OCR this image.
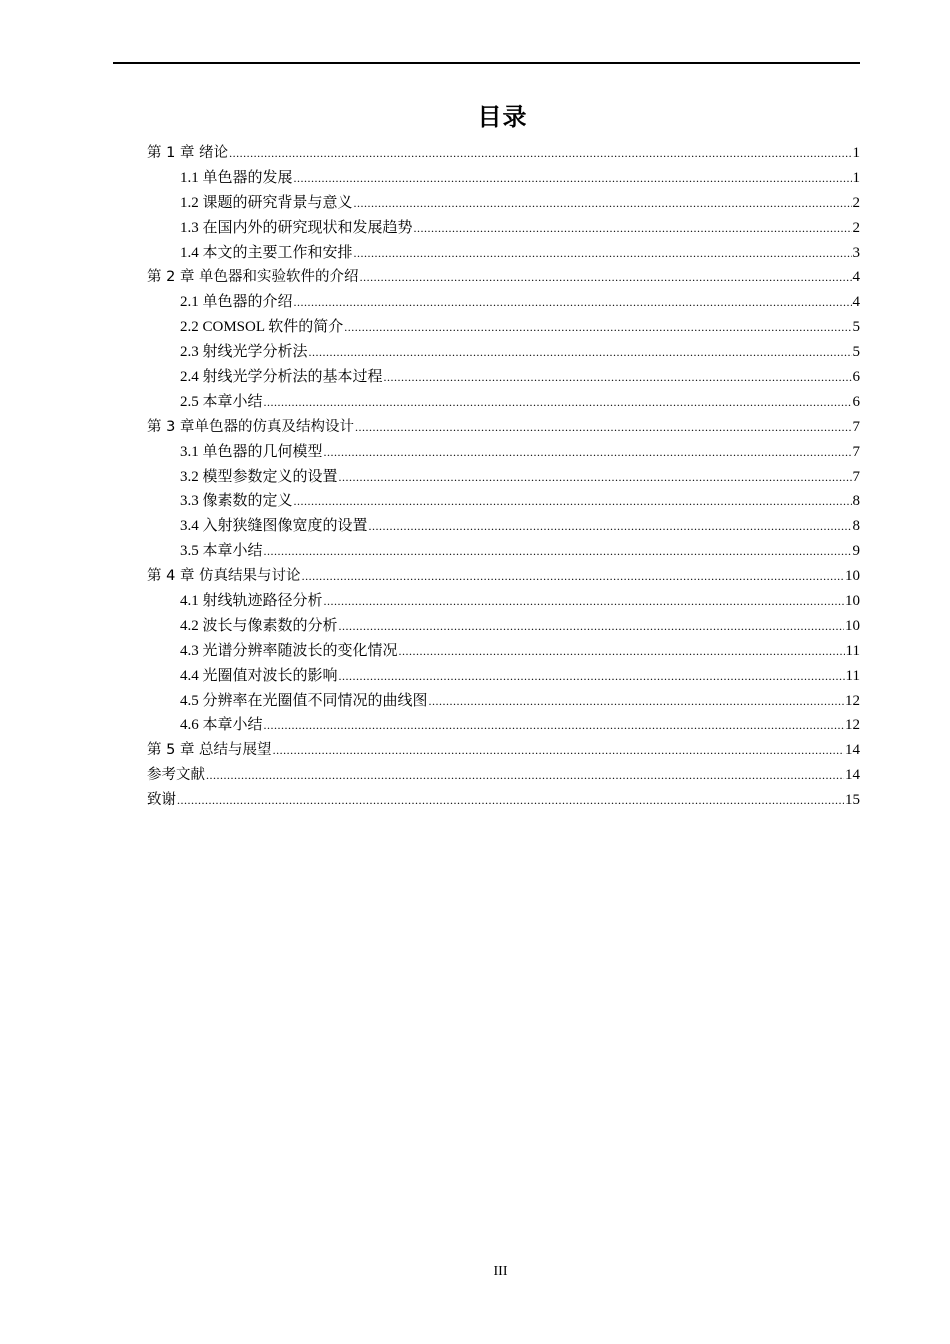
目录
第 1 章 绪论 .....	1
1.1 单色器的发展 .....	1
1.2 课题的研究背景与意义 .....	2
1.3 在国内外的研究现状和发展趋势 .....	2
1.4 本文的主要工作和安排 .....	3
第 2 章 单色器和实验软件的介绍 .....	4
2.1 单色器的介绍 .....	4
2.2 COMSOL 软件的简介 .....	5
2.3 射线光学分析法 .....	5
2.4 射线光学分析法的基本过程 .....	6
2.5 本章小结 .....	6
第 3 章单色器的仿真及结构设计 .....	7
3.1 单色器的几何模型 .....	7
3.2 模型参数定义的设置 .....	7
3.3 像素数的定义 .....	8
3.4 入射狭缝图像宽度的设置 .....	8
3.5 本章小结 .....	9
第 4 章 仿真结果与讨论 .....	10
4.1 射线轨迹路径分析 .....	10
4.2 波长与像素数的分析 .....	10
4.3 光谱分辨率随波长的变化情况 .....	11
4.4 光圈值对波长的影响 .....	11
4.5 分辨率在光圈值不同情况的曲线图 .....	12
4.6 本章小结 .....	12
第 5 章 总结与展望 .....	14
参考文献 .....	14
致谢 .....	15
III
